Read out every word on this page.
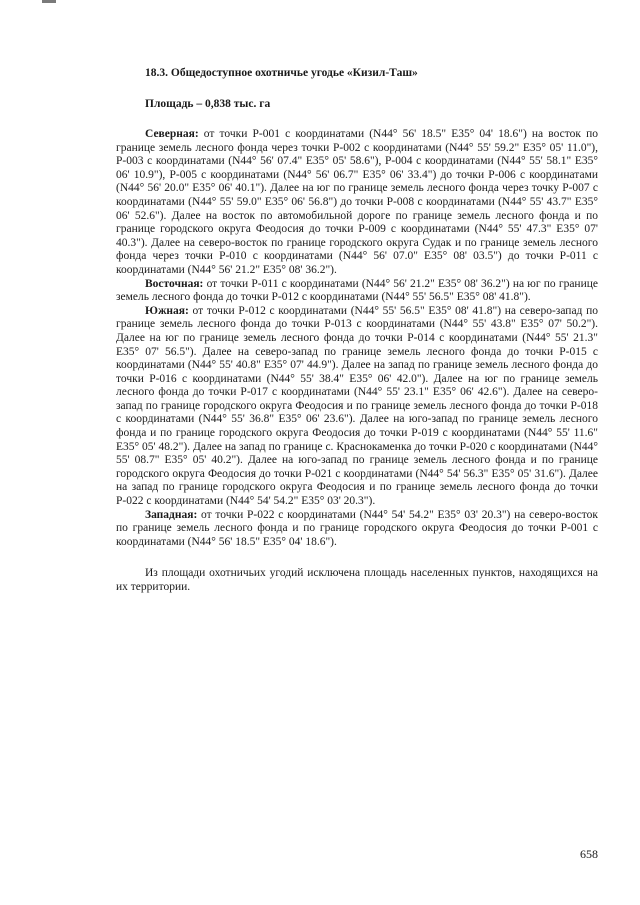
18.3. Общедоступное охотничье угодье «Кизил-Таш»

Площадь – 0,838 тыс. га

Северная: от точки Р-001 с координатами (N44° 56' 18.5" E35° 04' 18.6") на восток по границе земель лесного фонда через точки Р-002 с координатами (N44° 55' 59.2" E35° 05' 11.0"), Р-003 с координатами (N44° 56' 07.4" E35° 05' 58.6"), Р-004 с координатами (N44° 55' 58.1" E35° 06' 10.9"), Р-005 с координатами (N44° 56' 06.7" E35° 06' 33.4") до точки Р-006 с координатами (N44° 56' 20.0" E35° 06' 40.1"). Далее на юг по границе земель лесного фонда через точку Р-007 с координатами (N44° 55' 59.0" E35° 06' 56.8") до точки Р-008 с координатами (N44° 55' 43.7" E35° 06' 52.6"). Далее на восток по автомобильной дороге по границе земель лесного фонда и по границе городского округа Феодосия до точки Р-009 с координатами (N44° 55' 47.3" E35° 07' 40.3"). Далее на северо-восток по границе городского округа Судак и по границе земель лесного фонда через точки Р-010 с координатами (N44° 56' 07.0" E35° 08' 03.5") до точки Р-011 с координатами (N44° 56' 21.2" E35° 08' 36.2").

Восточная: от точки Р-011 с координатами (N44° 56' 21.2" E35° 08' 36.2") на юг по границе земель лесного фонда до точки Р-012 с координатами (N44° 55' 56.5" E35° 08' 41.8").

Южная: от точки Р-012 с координатами (N44° 55' 56.5" E35° 08' 41.8") на северо-запад по границе земель лесного фонда до точки Р-013 с координатами (N44° 55' 43.8" E35° 07' 50.2"). Далее на юг по границе земель лесного фонда до точки Р-014 с координатами (N44° 55' 21.3" E35° 07' 56.5"). Далее на северо-запад по границе земель лесного фонда до точки Р-015 с координатами (N44° 55' 40.8" E35° 07' 44.9"). Далее на запад по границе земель лесного фонда до точки Р-016 с координатами (N44° 55' 38.4" E35° 06' 42.0"). Далее на юг по границе земель лесного фонда до точки Р-017 с координатами (N44° 55' 23.1" E35° 06' 42.6"). Далее на северо-запад по границе городского округа Феодосия и по границе земель лесного фонда до точки Р-018 с координатами (N44° 55' 36.8" E35° 06' 23.6"). Далее на юго-запад по границе земель лесного фонда и по границе городского округа Феодосия до точки Р-019 с координатами (N44° 55' 11.6" E35° 05' 48.2"). Далее на запад по границе с. Краснокаменка до точки Р-020 с координатами (N44° 55' 08.7" E35° 05' 40.2"). Далее на юго-запад по границе земель лесного фонда и по границе городского округа Феодосия до точки Р-021 с координатами (N44° 54' 56.3" E35° 05' 31.6"). Далее на запад по границе городского округа Феодосия и по границе земель лесного фонда до точки Р-022 с координатами (N44° 54' 54.2" E35° 03' 20.3").

Западная: от точки Р-022 с координатами (N44° 54' 54.2" E35° 03' 20.3") на северо-восток по границе земель лесного фонда и по границе городского округа Феодосия до точки Р-001 с координатами (N44° 56' 18.5" E35° 04' 18.6").

Из площади охотничьих угодий исключена площадь населенных пунктов, находящихся на их территории.

658
